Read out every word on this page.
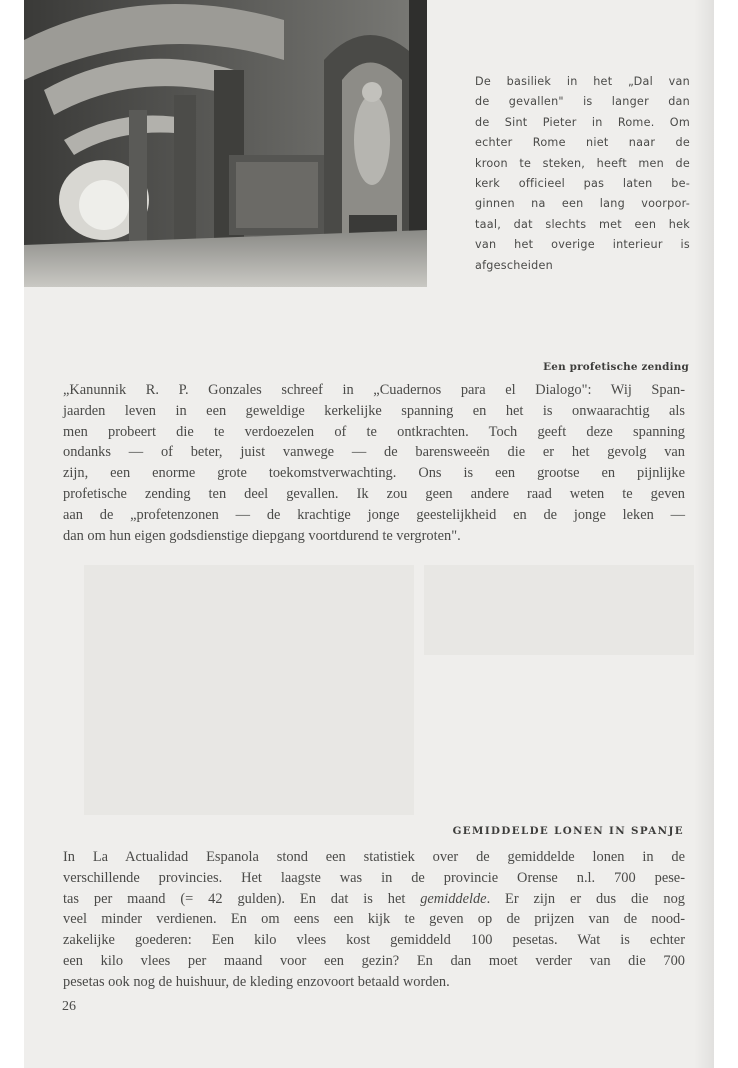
De basiliek in het „Dal van
de gevallen" is langer dan
de Sint Pieter in Rome. Om
echter Rome niet naar de
kroon te steken, heeft men de
kerk officieel pas laten be-
ginnen na een lang voorpor-
taal, dat slechts met een hek
van het overige interieur is
afgescheiden

Een profetische zending

„Kanunnik R. P. Gonzales schreef in „Cuadernos para el Dialogo": Wij Span-
jaarden leven in een geweldige kerkelijke spanning en het is onwaarachtig als
men probeert die te verdoezelen of te ontkrachten. Toch geeft deze spanning
ondanks — of beter, juist vanwege — de barensweeën die er het gevolg van
zijn, een enorme grote toekomstverwachting. Ons is een grootse en pijnlijke
profetische zending ten deel gevallen. Ik zou geen andere raad weten te geven
aan de „profetenzonen — de krachtige jonge geestelijkheid en de jonge leken —
dan om hun eigen godsdienstige diepgang voortdurend te vergroten".

GEMIDDELDE LONEN IN SPANJE

In La Actualidad Espanola stond een statistiek over de gemiddelde lonen in de
verschillende provincies. Het laagste was in de provincie Orense n.l. 700 pese-
tas per maand (= 42 gulden). En dat is het gemiddelde. Er zijn er dus die nog
veel minder verdienen. En om eens een kijk te geven op de prijzen van de nood-
zakelijke goederen: Een kilo vlees kost gemiddeld 100 pesetas. Wat is echter
een kilo vlees per maand voor een gezin? En dan moet verder van die 700
pesetas ook nog de huishuur, de kleding enzovoort betaald worden.

26
